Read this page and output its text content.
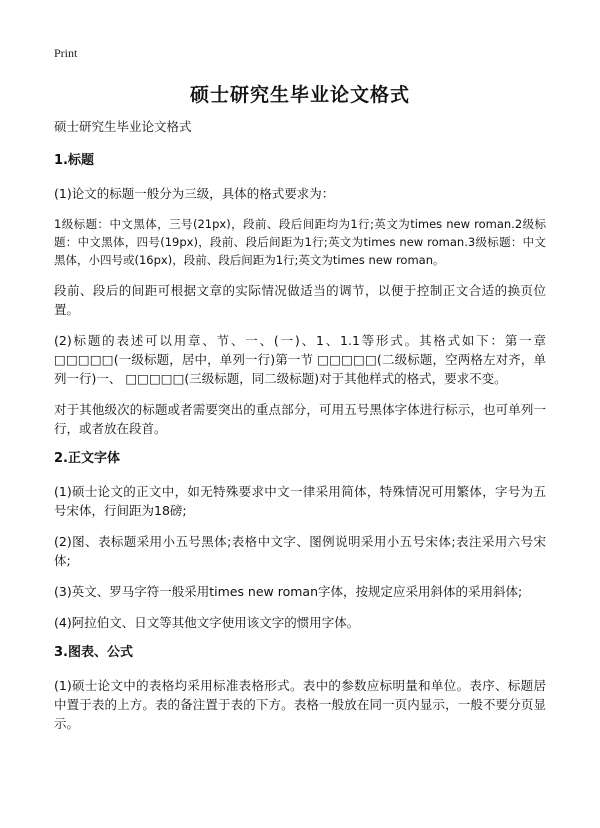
Print
硕士研究生毕业论文格式
硕士研究生毕业论文格式
1.标题

(1)论文的标题一般分为三级，具体的格式要求为：

1级标题：中文黑体，三号(21px)，段前、段后间距均为1行;英文为times new roman.2级标题：中文黑体，四号(19px)，段前、段后间距为1行;英文为times new roman.3级标题：中文黑体，小四号或(16px)，段前、段后间距为1行;英文为times new roman。

段前、段后的间距可根据文章的实际情况做适当的调节，以便于控制正文合适的换页位置。

(2)标题的表述可以用章、节、一、(一)、1、1.1等形式。其格式如下：第一章 □□□□□(一级标题，居中，单列一行)第一节 □□□□□(二级标题，空两格左对齐，单列一行)一、 □□□□□(三级标题，同二级标题)对于其他样式的格式，要求不变。

对于其他级次的标题或者需要突出的重点部分，可用五号黑体字体进行标示，也可单列一行，或者放在段首。

2.正文字体

(1)硕士论文的正文中，如无特殊要求中文一律采用简体，特殊情况可用繁体，字号为五号宋体，行间距为18磅;

(2)图、表标题采用小五号黑体;表格中文字、图例说明采用小五号宋体;表注采用六号宋体;

(3)英文、罗马字符一般采用times new roman字体，按规定应采用斜体的采用斜体;

(4)阿拉伯文、日文等其他文字使用该文字的惯用字体。

3.图表、公式

(1)硕士论文中的表格均采用标准表格形式。表中的参数应标明量和单位。表序、标题居中置于表的上方。表的备注置于表的下方。表格一般放在同一页内显示，一般不要分页显示。
